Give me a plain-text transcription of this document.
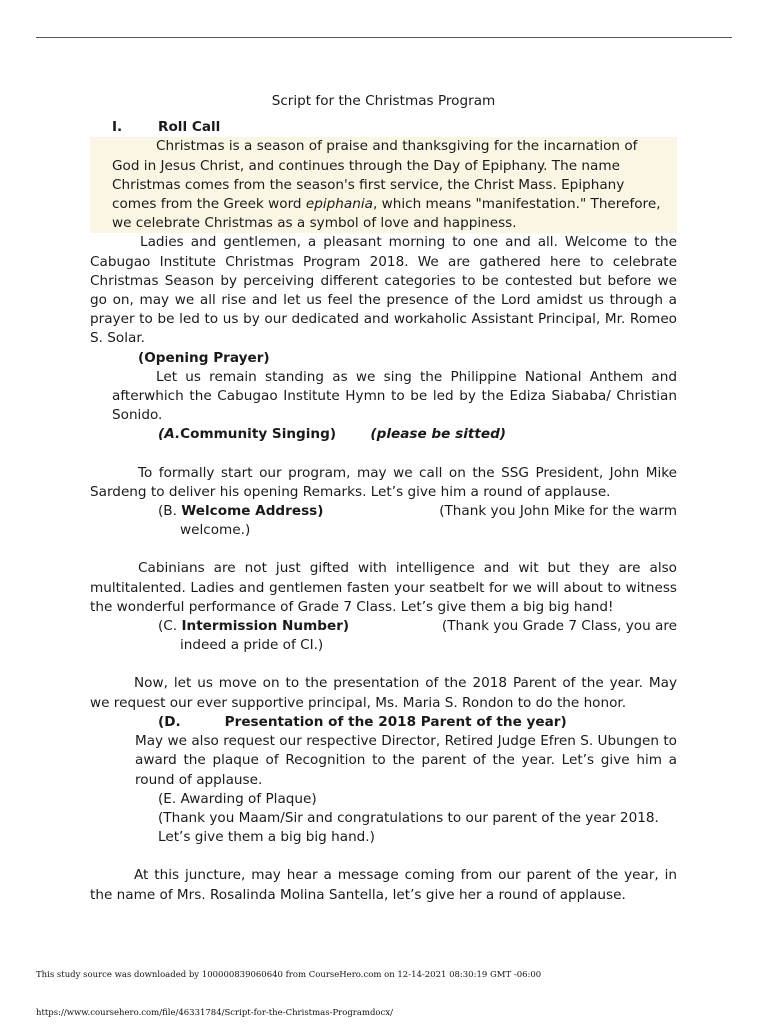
Script for the Christmas Program
I.	Roll Call
Christmas is a season of praise and thanksgiving for the incarnation of
God in Jesus Christ, and continues through the Day of Epiphany. The name
Christmas comes from the season's first service, the Christ Mass. Epiphany
comes from the Greek word epiphania, which means "manifestation." Therefore,
we celebrate Christmas as a symbol of love and happiness.
Ladies and gentlemen, a pleasant morning to one and all. Welcome to the Cabugao Institute Christmas Program 2018. We are gathered here to celebrate Christmas Season by perceiving different categories to be contested but before we go on, may we all rise and let us feel the presence of the Lord amidst us through a prayer to be led to us by our dedicated and workaholic Assistant Principal, Mr. Romeo S. Solar.
(Opening Prayer)
Let us remain standing as we sing the Philippine National Anthem and afterwhich the Cabugao Institute Hymn to be led by the Ediza Siababa/ Christian Sonido.
(A.Community Singing)	(please be sitted)
To formally start our program, may we call on the SSG President, John Mike Sardeng to deliver his opening Remarks. Let’s give him a round of applause.
(B. Welcome Address)	(Thank you John Mike for the warm
welcome.)
Cabinians are not just gifted with intelligence and wit but they are also multitalented. Ladies and gentlemen fasten your seatbelt for we will about to witness the wonderful performance of Grade 7 Class. Let’s give them a big big hand!
(C. Intermission Number)	(Thank you Grade 7 Class, you are
indeed a pride of CI.)
Now, let us move on to the presentation of the 2018 Parent of the year. May we request our ever supportive principal, Ms. Maria S. Rondon to do the honor.
(D.	Presentation of the 2018 Parent of the year)
May we also request our respective Director, Retired Judge Efren S. Ubungen to award the plaque of Recognition to the parent of the year. Let’s give him a round of applause.
(E. Awarding of Plaque)
(Thank you Maam/Sir and congratulations to our parent of the year 2018. Let’s give them a big big hand.)
At this juncture, may hear a message coming from our parent of the year, in the name of Mrs. Rosalinda Molina Santella, let’s give her a round of applause.
This study source was downloaded by 100000839060640 from CourseHero.com on 12-14-2021 08:30:19 GMT -06:00
https://www.coursehero.com/file/46331784/Script-for-the-Christmas-Programdocx/
